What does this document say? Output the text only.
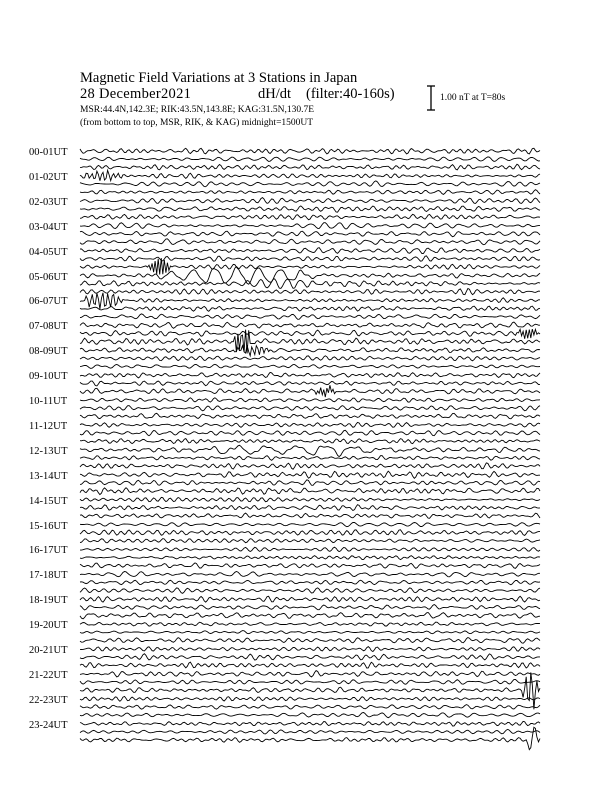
Magnetic Field Variations at 3 Stations in Japan
28 December2021	dH/dt (filter:40-160s)
MSR:44.4N,142.3E; RIK:43.5N,143.8E; KAG:31.5N,130.7E
(from bottom to top, MSR, RIK, & KAG) midnight=1500UT
1.00 nT at T=80s
00-01UT
01-02UT
02-03UT
03-04UT
04-05UT
05-06UT
06-07UT
07-08UT
08-09UT
09-10UT
10-11UT
11-12UT
12-13UT
13-14UT
14-15UT
15-16UT
16-17UT
17-18UT
18-19UT
19-20UT
20-21UT
21-22UT
22-23UT
23-24UT
